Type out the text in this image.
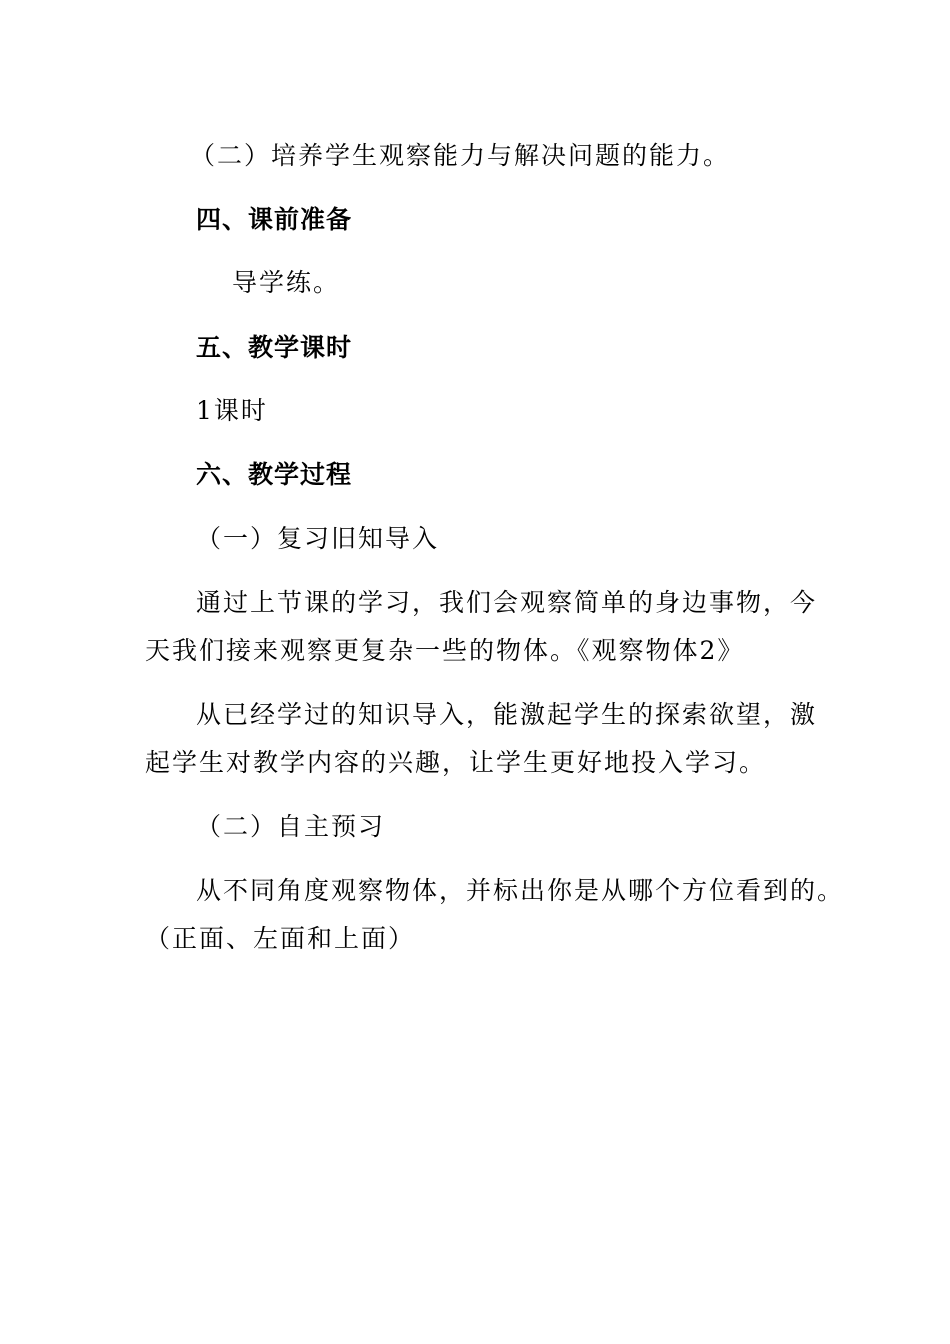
（二）培养学生观察能力与解决问题的能力。
四、课前准备
导学练。
五、教学课时
1课时
六、教学过程
（一）复习旧知导入
通过上节课的学习，我们会观察简单的身边事物，今
天我们接来观察更复杂一些的物体。《观察物体2》
从已经学过的知识导入，能激起学生的探索欲望，激
起学生对教学内容的兴趣，让学生更好地投入学习。
（二）自主预习
从不同角度观察物体，并标出你是从哪个方位看到的。
（正面、左面和上面）
